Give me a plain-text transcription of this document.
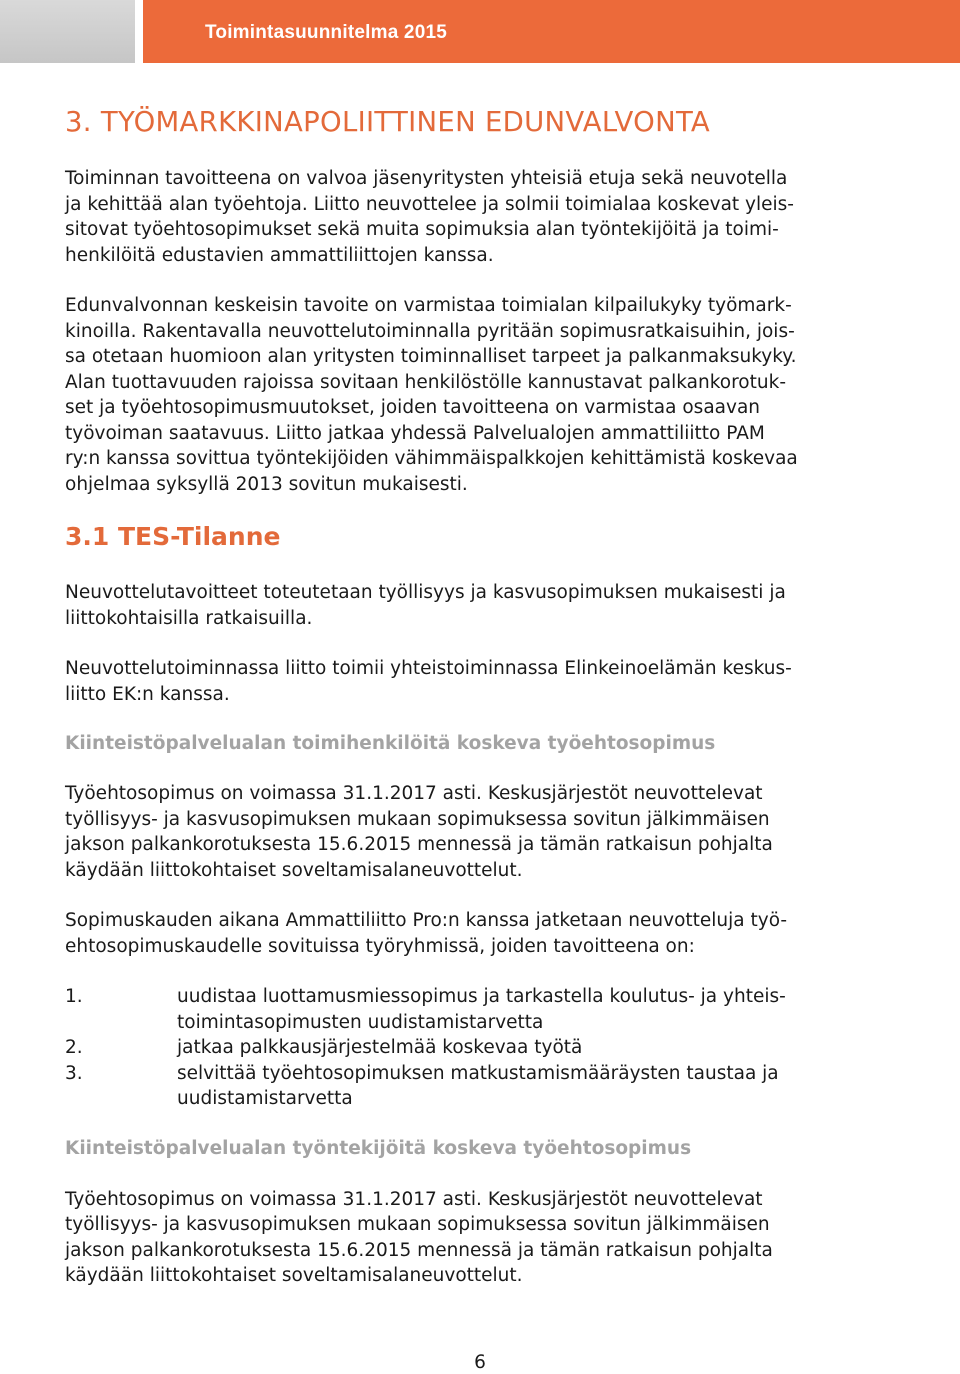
Toimintasuunnitelma 2015
3. TYÖMARKKINAPOLIITTINEN EDUNVALVONTA

Toiminnan tavoitteena on valvoa jäsenyritysten yhteisiä etuja sekä neuvotella
ja kehittää alan työehtoja. Liitto neuvottelee ja solmii toimialaa koskevat yleis-
sitovat työehtosopimukset sekä muita sopimuksia alan työntekijöitä ja toimi-
henkilöitä edustavien ammattiliittojen kanssa.

Edunvalvonnan keskeisin tavoite on varmistaa toimialan kilpailukyky työmark-
kinoilla. Rakentavalla neuvottelutoiminnalla pyritään sopimusratkaisuihin, jois-
sa otetaan huomioon alan yritysten toiminnalliset tarpeet ja palkanmaksukyky.
Alan tuottavuuden rajoissa sovitaan henkilöstölle kannustavat palkankorotuk-
set ja työehtosopimusmuutokset, joiden tavoitteena on varmistaa osaavan
työvoiman saatavuus. Liitto jatkaa yhdessä Palvelualojen ammattiliitto PAM
ry:n kanssa sovittua työntekijöiden vähimmäispalkkojen kehittämistä koskevaa
ohjelmaa syksyllä 2013 sovitun mukaisesti.

3.1 TES-Tilanne

Neuvottelutavoitteet toteutetaan työllisyys ja kasvusopimuksen mukaisesti ja
liittokohtaisilla ratkaisuilla.

Neuvottelutoiminnassa liitto toimii yhteistoiminnassa Elinkeinoelämän keskus-
liitto EK:n kanssa.

Kiinteistöpalvelualan toimihenkilöitä koskeva työehtosopimus

Työehtosopimus on voimassa 31.1.2017 asti. Keskusjärjestöt neuvottelevat
työllisyys- ja kasvusopimuksen mukaan sopimuksessa sovitun jälkimmäisen
jakson palkankorotuksesta 15.6.2015 mennessä ja tämän ratkaisun pohjalta
käydään liittokohtaiset soveltamisalaneuvottelut.

Sopimuskauden aikana Ammattiliitto Pro:n kanssa jatketaan neuvotteluja työ-
ehtosopimuskaudelle sovituissa työryhmissä, joiden tavoitteena on:

1.	uudistaa luottamusmiessopimus ja tarkastella koulutus- ja yhteis-
toimintasopimusten uudistamistarvetta
2.	jatkaa palkkausjärjestelmää koskevaa työtä
3.	selvittää työehtosopimuksen matkustamismääräysten taustaa ja
uudistamistarvetta
Kiinteistöpalvelualan työntekijöitä koskeva työehtosopimus

Työehtosopimus on voimassa 31.1.2017 asti. Keskusjärjestöt neuvottelevat
työllisyys- ja kasvusopimuksen mukaan sopimuksessa sovitun jälkimmäisen
jakson palkankorotuksesta 15.6.2015 mennessä ja tämän ratkaisun pohjalta
käydään liittokohtaiset soveltamisalaneuvottelut.

6
